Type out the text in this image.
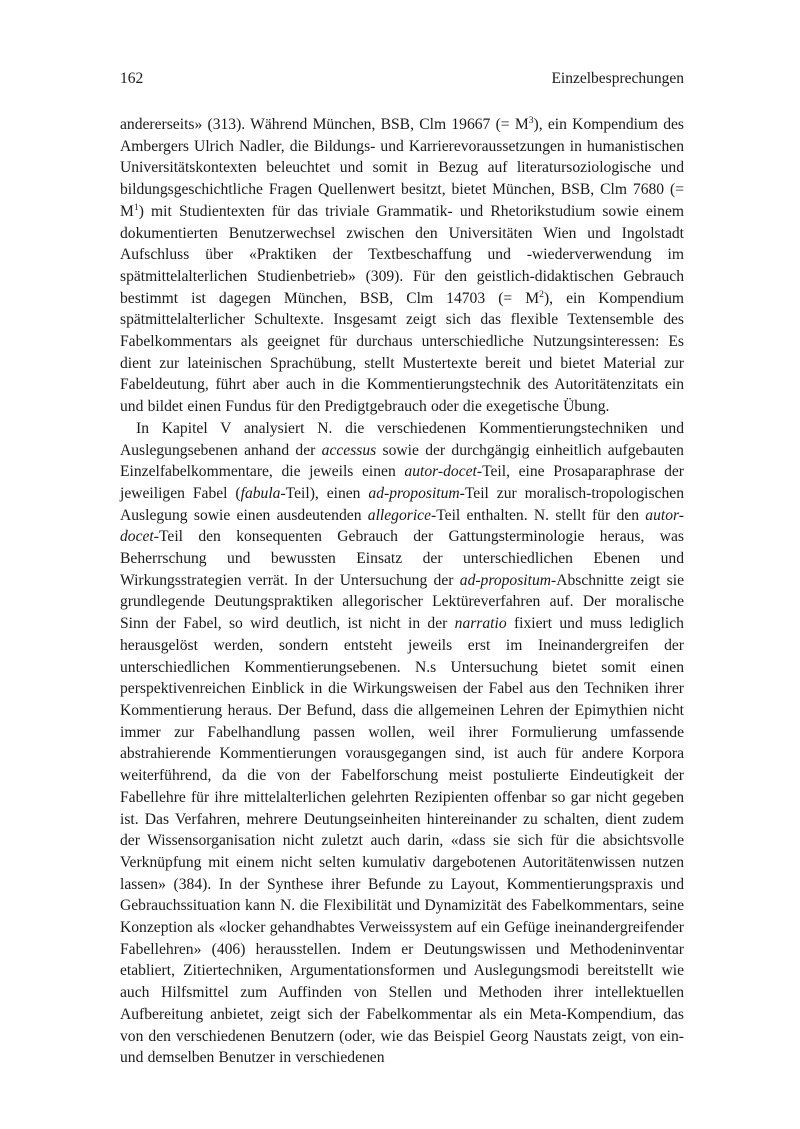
162	Einzelbesprechungen

andererseits» (313). Während München, BSB, Clm 19667 (= $M^3$), ein Kompendium des Ambergers Ulrich Nadler, die Bildungs- und Karrierevoraussetzungen in humanistischen Universitätskontexten beleuchtet und somit in Bezug auf literatursoziologische und bildungsgeschichtliche Fragen Quellenwert besitzt, bietet München, BSB, Clm 7680 (= $M^1$) mit Studientexten für das triviale Grammatik- und Rhetorikstudium sowie einem dokumentierten Benutzerwechsel zwischen den Universitäten Wien und Ingolstadt Aufschluss über «Praktiken der Textbeschaffung und -wiederverwendung im spätmittelalterlichen Studienbetrieb» (309). Für den geistlich-didaktischen Gebrauch bestimmt ist dagegen München, BSB, Clm 14703 (= $M^2$), ein Kompendium spätmittelalterlicher Schultexte. Insgesamt zeigt sich das flexible Textensemble des Fabelkommentars als geeignet für durchaus unterschiedliche Nutzungsinteressen: Es dient zur lateinischen Sprachübung, stellt Mustertexte bereit und bietet Material zur Fabeldeutung, führt aber auch in die Kommentierungstechnik des Autoritätenzitats ein und bildet einen Fundus für den Predigtgebrauch oder die exegetische Übung.

In Kapitel V analysiert N. die verschiedenen Kommentierungstechniken und Auslegungsebenen anhand der accessus sowie der durchgängig einheitlich aufgebauten Einzelfabelkommentare, die jeweils einen autor-docet-Teil, eine Prosaparaphrase der jeweiligen Fabel (fabula-Teil), einen ad-propositum-Teil zur moralisch-tropologischen Auslegung sowie einen ausdeutenden allegorice-Teil enthalten. N. stellt für den autor-docet-Teil den konsequenten Gebrauch der Gattungsterminologie heraus, was Beherrschung und bewussten Einsatz der unterschiedlichen Ebenen und Wirkungsstrategien verrät. In der Untersuchung der ad-propositum-Abschnitte zeigt sie grundlegende Deutungspraktiken allegorischer Lektüreverfahren auf. Der moralische Sinn der Fabel, so wird deutlich, ist nicht in der narratio fixiert und muss lediglich herausgelöst werden, sondern entsteht jeweils erst im Ineinandergreifen der unterschiedlichen Kommentierungsebenen. N.s Untersuchung bietet somit einen perspektivenreichen Einblick in die Wirkungsweisen der Fabel aus den Techniken ihrer Kommentierung heraus. Der Befund, dass die allgemeinen Lehren der Epimythien nicht immer zur Fabelhandlung passen wollen, weil ihrer Formulierung umfassende abstrahierende Kommentierungen vorausgegangen sind, ist auch für andere Korpora weiterführend, da die von der Fabelforschung meist postulierte Eindeutigkeit der Fabellehre für ihre mittelalterlichen gelehrten Rezipienten offenbar so gar nicht gegeben ist. Das Verfahren, mehrere Deutungseinheiten hintereinander zu schalten, dient zudem der Wissensorganisation nicht zuletzt auch darin, «dass sie sich für die absichtsvolle Verknüpfung mit einem nicht selten kumulativ dargebotenen Autoritätenwissen nutzen lassen» (384). In der Synthese ihrer Befunde zu Layout, Kommentierungspraxis und Gebrauchssituation kann N. die Flexibilität und Dynamizität des Fabelkommentars, seine Konzeption als «locker gehandhabtes Verweissystem auf ein Gefüge ineinandergreifender Fabellehren» (406) herausstellen. Indem er Deutungswissen und Methodeninventar etabliert, Zitiertechniken, Argumentationsformen und Auslegungsmodi bereitstellt wie auch Hilfsmittel zum Auffinden von Stellen und Methoden ihrer intellektuellen Aufbereitung anbietet, zeigt sich der Fabelkommentar als ein Meta-Kompendium, das von den verschiedenen Benutzern (oder, wie das Beispiel Georg Naustats zeigt, von ein- und demselben Benutzer in verschiedenen
